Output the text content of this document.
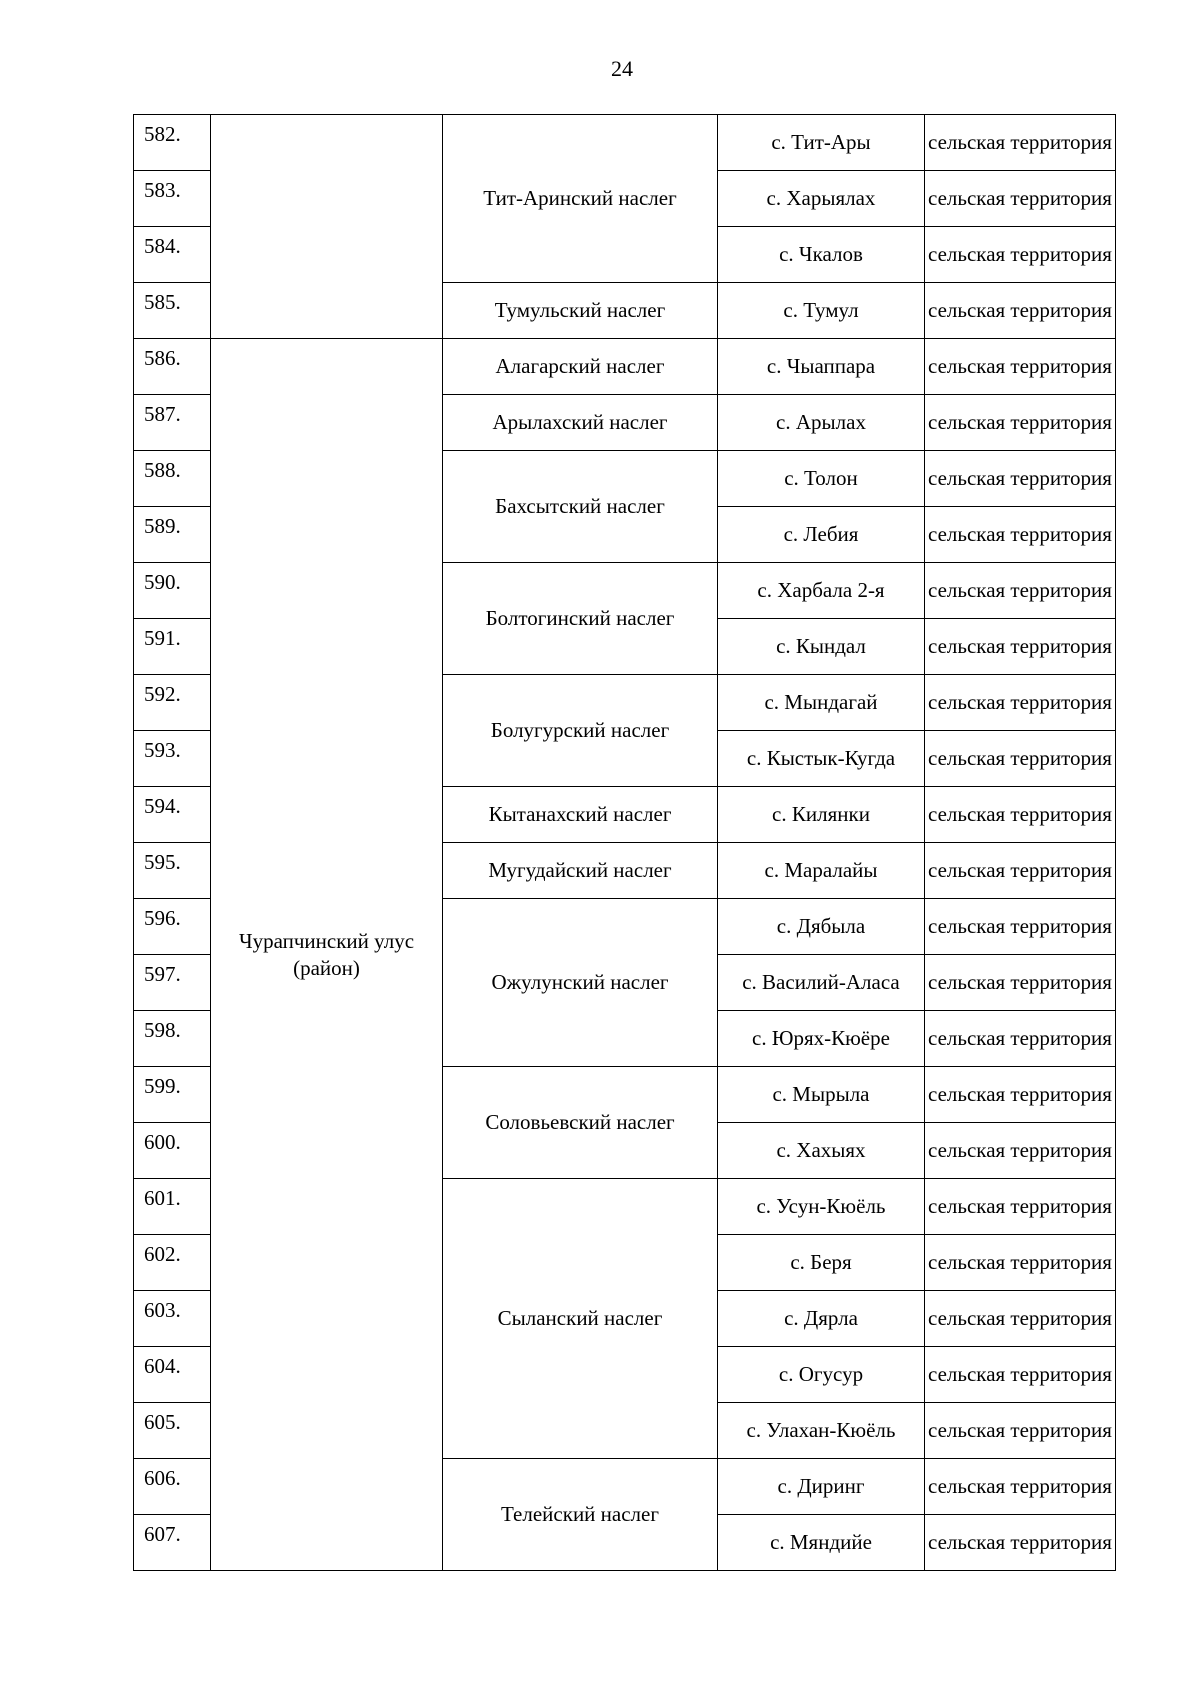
24
582.		Тит-Аринский наслег	с. Тит-Ары	сельская территория
583.			с. Харыялах	сельская территория
584.			с. Чкалов	сельская территория
585.		Тумульский наслег	с. Тумул	сельская территория
586.	Чурапчинский улус (район)	Алагарский наслег	с. Чыаппара	сельская территория
587.		Арылахский наслег	с. Арылах	сельская территория
588.		Бахсытский наслег	с. Толон	сельская территория
589.			с. Лебия	сельская территория
590.		Болтогинский наслег	с. Харбала 2-я	сельская территория
591.			с. Кындал	сельская территория
592.		Болугурский наслег	с. Мындагай	сельская территория
593.			с. Кыстык-Кугда	сельская территория
594.		Кытанахский наслег	с. Килянки	сельская территория
595.		Мугудайский наслег	с. Маралайы	сельская территория
596.		Ожулунский наслег	с. Дябыла	сельская территория
597.			с. Василий-Аласа	сельская территория
598.			с. Юрях-Кюёре	сельская территория
599.		Соловьевский наслег	с. Мырыла	сельская территория
600.			с. Хахыях	сельская территория
601.		Сыланский наслег	с. Усун-Кюёль	сельская территория
602.			с. Беря	сельская территория
603.			с. Дярла	сельская территория
604.			с. Огусур	сельская территория
605.			с. Улахан-Кюёль	сельская территория
606.		Телейский наслег	с. Диринг	сельская территория
607.			с. Мяндийе	сельская территория
